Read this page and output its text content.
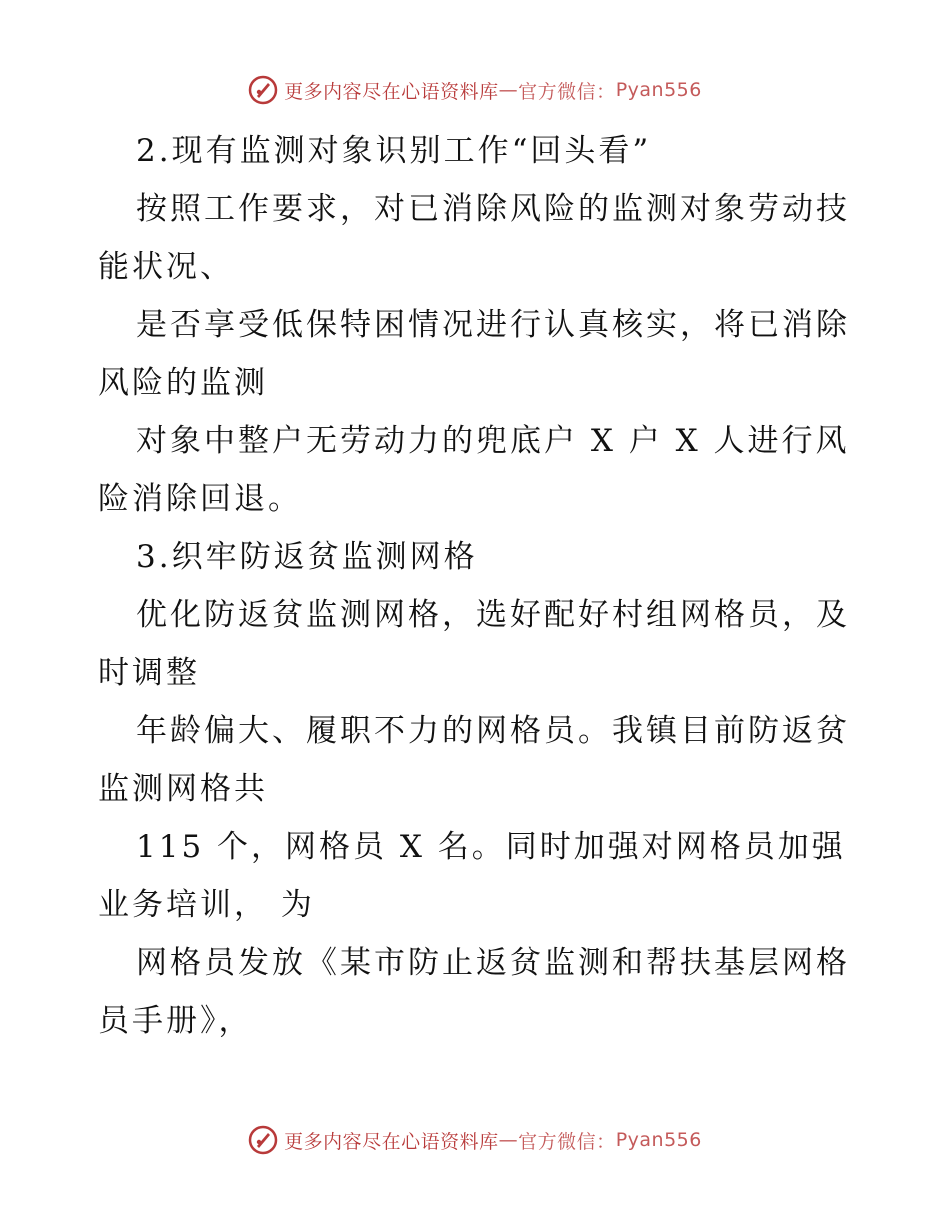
更多内容尽在心语资料库 — 官方微信： Pyan556

2.现有监测对象识别工作“回头看”

按照工作要求，对已消除风险的监测对象劳动技能状况、

是否享受低保特困情况进行认真核实，将已消除风险的监测

对象中整户无劳动力的兜底户 X 户 X 人进行风险消除回退。

3.织牢防返贫监测网格

优化防返贫监测网格，选好配好村组网格员，及时调整

年龄偏大、履职不力的网格员。我镇目前防返贫监测网格共

115 个，网格员 X 名。同时加强对网格员加强业务培训， 为

网格员发放《某市防止返贫监测和帮扶基层网格员手册》，

更多内容尽在心语资料库 — 官方微信： Pyan556
